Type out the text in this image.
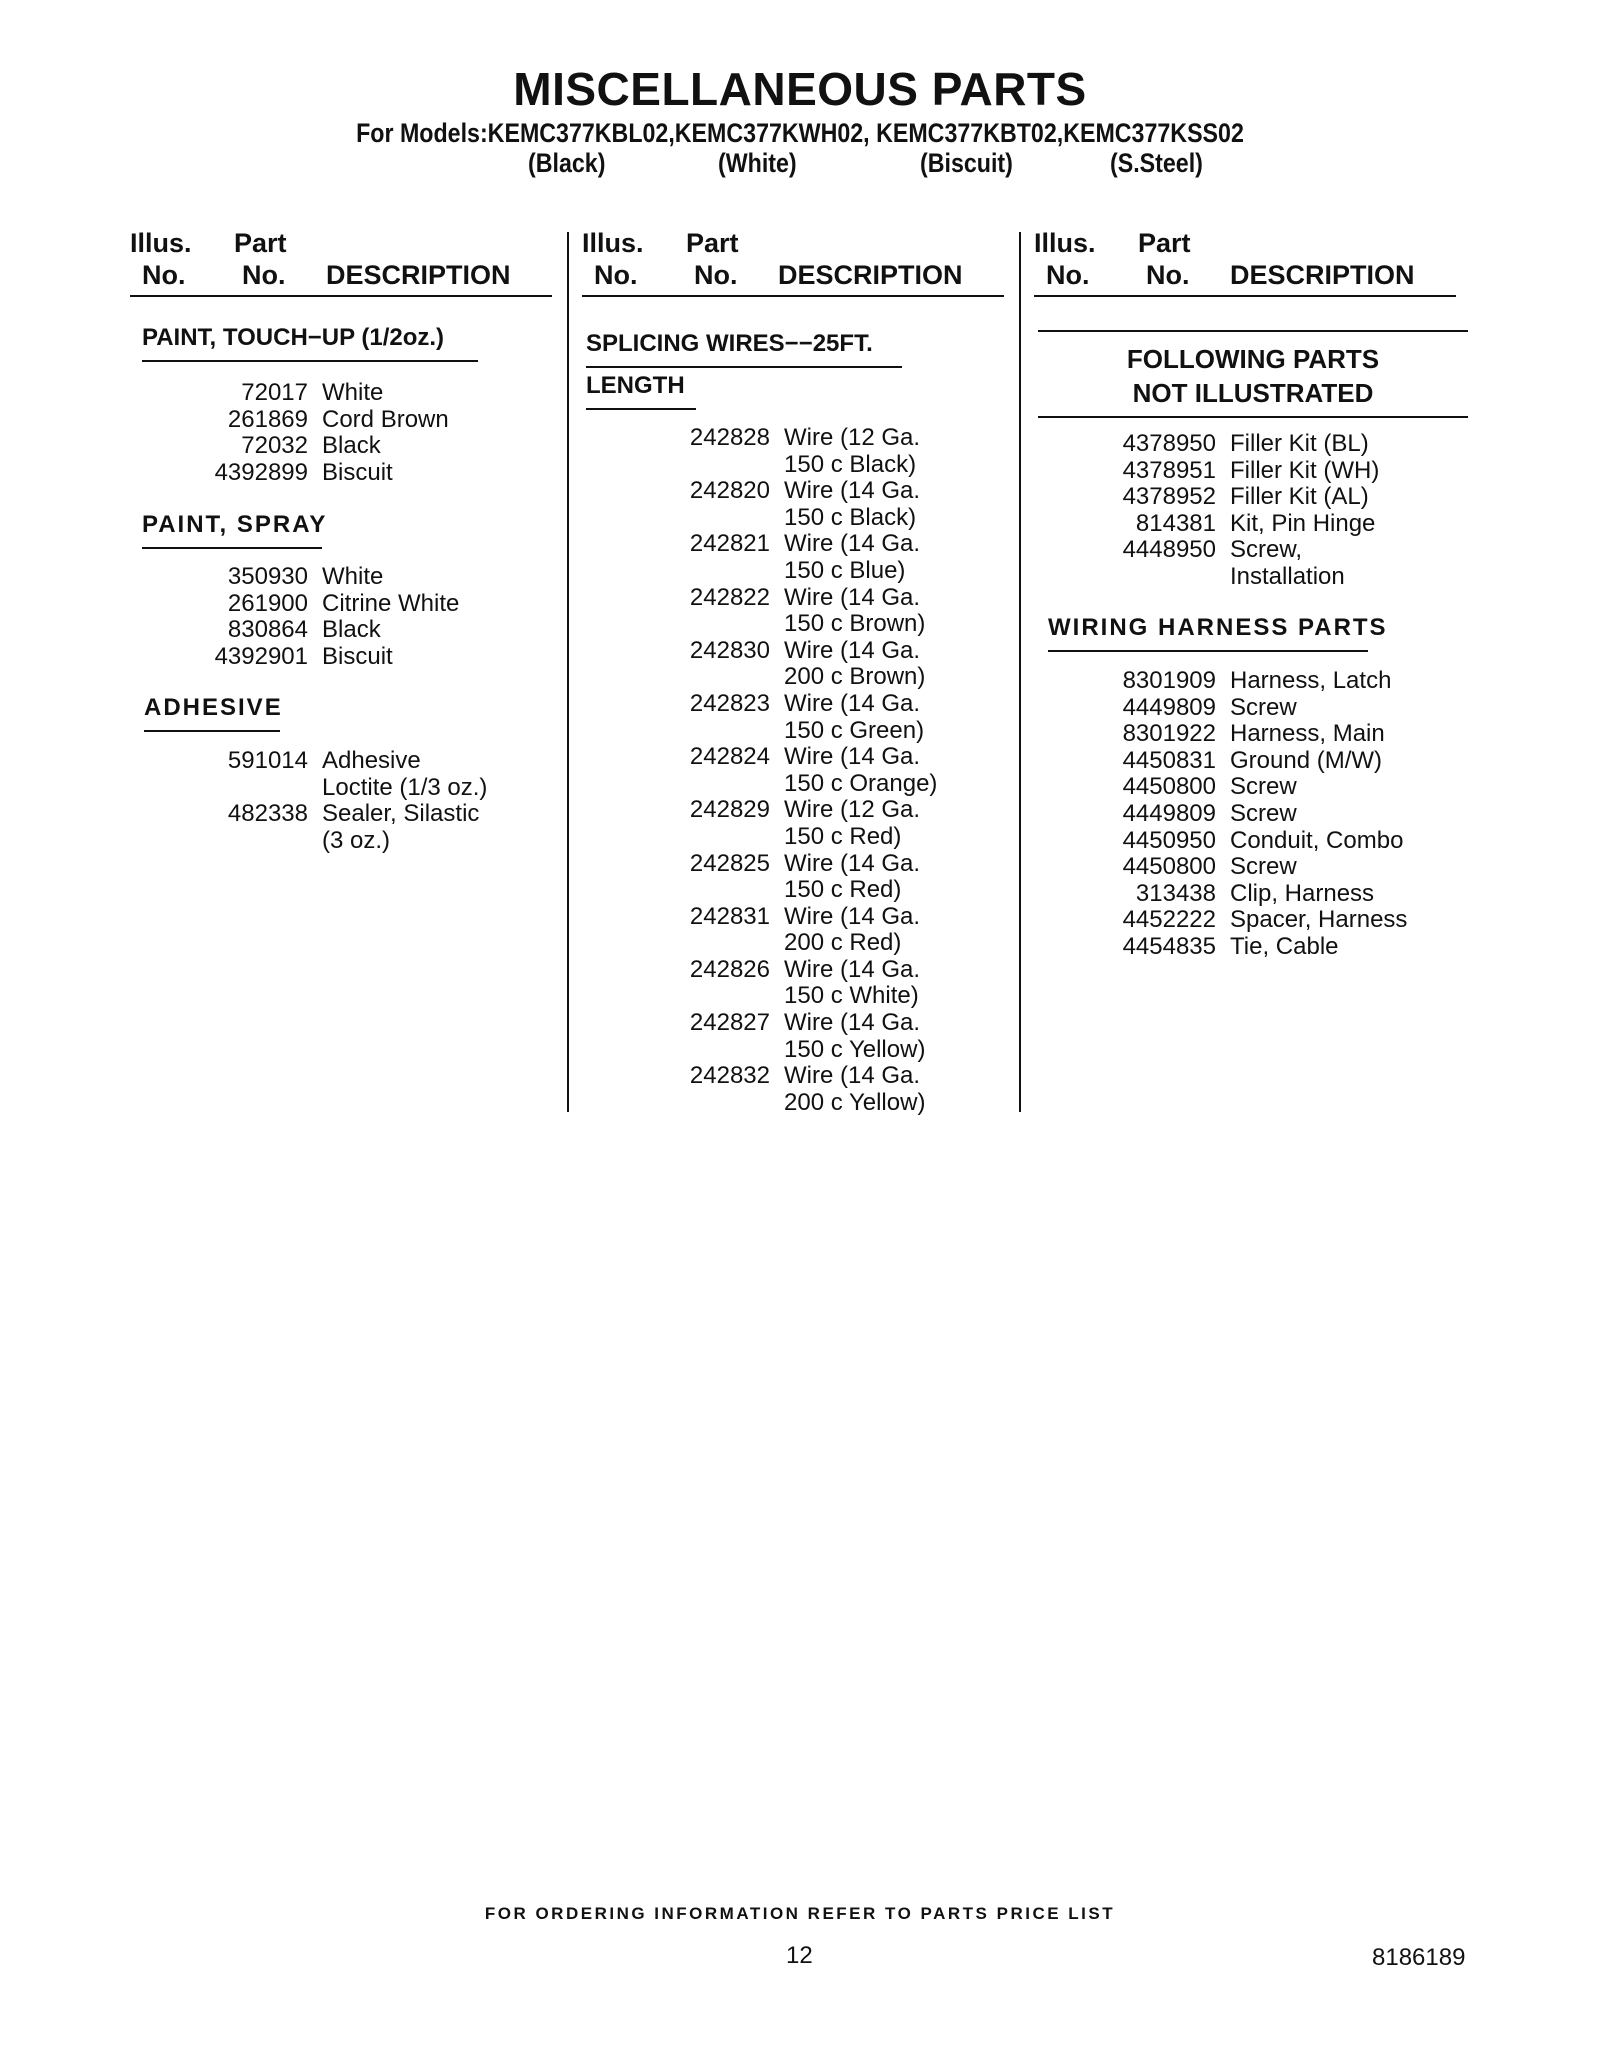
MISCELLANEOUS PARTS
For Models:KEMC377KBL02,KEMC377KWH02, KEMC377KBT02,KEMC377KSS02
(Black)	(White)	(Biscuit)	(S.Steel)
Illus.
No.
Part
No. DESCRIPTION
Illus.
No.
Part
No. DESCRIPTION
Illus.
No.
Part
No. DESCRIPTION
PAINT, TOUCH−UP (1/2oz.)
72017 White
261869 Cord Brown
72032 Black
4392899 Biscuit
PAINT, SPRAY
350930 White
261900 Citrine White
830864 Black
4392901 Biscuit
ADHESIVE
591014 Adhesive
Loctite (1/3 oz.)
482338 Sealer, Silastic
(3 oz.)
SPLICING WIRES−−25FT.
LENGTH
242828 Wire (12 Ga.
150 c Black)
242820 Wire (14 Ga.
150 c Black)
242821 Wire (14 Ga.
150 c Blue)
242822 Wire (14 Ga.
150 c Brown)
242830 Wire (14 Ga.
200 c Brown)
242823 Wire (14 Ga.
150 c Green)
242824 Wire (14 Ga.
150 c Orange)
242829 Wire (12 Ga.
150 c Red)
242825 Wire (14 Ga.
150 c Red)
242831 Wire (14 Ga.
200 c Red)
242826 Wire (14 Ga.
150 c White)
242827 Wire (14 Ga.
150 c Yellow)
242832 Wire (14 Ga.
200 c Yellow)
FOLLOWING PARTS
NOT ILLUSTRATED
4378950 Filler Kit (BL)
4378951 Filler Kit (WH)
4378952 Filler Kit (AL)
814381 Kit, Pin Hinge
4448950 Screw,
Installation
WIRING HARNESS PARTS
8301909 Harness, Latch
4449809 Screw
8301922 Harness, Main
4450831 Ground (M/W)
4450800 Screw
4449809 Screw
4450950 Conduit, Combo
4450800 Screw
313438 Clip, Harness
4452222 Spacer, Harness
4454835 Tie, Cable
FOR ORDERING INFORMATION REFER TO PARTS PRICE LIST
12	8186189
